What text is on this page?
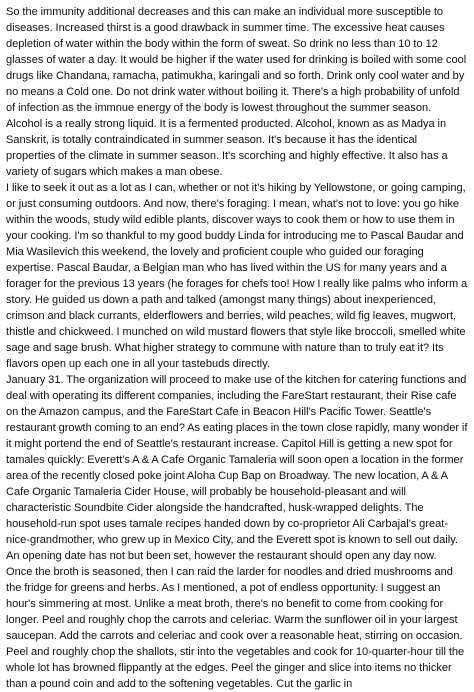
So the immunity additional decreases and this can make an individual more susceptible to diseases. Increased thirst is a good drawback in summer time. The excessive heat causes depletion of water within the body within the form of sweat. So drink no less than 10 to 12 glasses of water a day. It would be higher if the water used for drinking is boiled with some cool drugs like Chandana, ramacha, patimukha, karingali and so forth. Drink only cool water and by no means a Cold one. Do not drink water without boiling it. There's a high probability of unfold of infection as the immnue energy of the body is lowest throughout the summer season. Alcohol is a really strong liquid. It is a fermented producted. Alcohol, known as as Madya in Sanskrit, is totally contraindicated in summer season. It's because it has the identical properties of the climate in summer season. It's scorching and highly effective. It also has a variety of sugars which makes a man obese.

I like to seek it out as a lot as I can, whether or not it's hiking by Yellowstone, or going camping, or just consuming outdoors. And now, there's foraging. I mean, what's not to love: you go hike within the woods, study wild edible plants, discover ways to cook them or how to use them in your cooking. I'm so thankful to my good buddy Linda for introducing me to Pascal Baudar and Mia Wasilevich this weekend, the lovely and proficient couple who guided our foraging expertise. Pascal Baudar, a Belgian man who has lived within the US for many years and a forager for the previous 13 years (he forages for chefs too! How I really like palms who inform a story. He guided us down a path and talked (amongst many things) about inexperienced, crimson and black currants, elderflowers and berries, wild peaches, wild fig leaves, mugwort, thistle and chickweed. I munched on wild mustard flowers that style like broccoli, smelled white sage and sage brush. What higher strategy to commune with nature than to truly eat it? Its flavors open up each one in all your tastebuds directly.

January 31. The organization will proceed to make use of the kitchen for catering functions and deal with operating its different companies, including the FareStart restaurant, their Rise cafe on the Amazon campus, and the FareStart Cafe in Beacon Hill's Pacific Tower. Seattle's restaurant growth coming to an end? As eating places in the town close rapidly, many wonder if it might portend the end of Seattle's restaurant increase. Capitol Hill is getting a new spot for tamales quickly: Everett's A & A Cafe Organic Tamaleria will soon open a location in the former area of the recently closed poke joint Aloha Cup Bap on Broadway. The new location, A & A Cafe Organic Tamaleria Cider House, will probably be household-pleasant and will characteristic Soundbite Cider alongside the handcrafted, husk-wrapped delights. The household-run spot uses tamale recipes handed down by co-proprietor Ali Carbajal's great-nice-grandmother, who grew up in Mexico City, and the Everett spot is known to sell out daily. An opening date has not but been set, however the restaurant should open any day now.

Once the broth is seasoned, then I can raid the larder for noodles and dried mushrooms and the fridge for greens and herbs. As I mentioned, a pot of endless opportunity. I suggest an hour's simmering at most. Unlike a meat broth, there's no benefit to come from cooking for longer. Peel and roughly chop the carrots and celeriac. Warm the sunflower oil in your largest saucepan. Add the carrots and celeriac and cook over a reasonable heat, stirring on occasion. Peel and roughly chop the shallots, stir into the vegetables and cook for 10-quarter-hour till the whole lot has browned flippantly at the edges. Peel the ginger and slice into items no thicker than a pound coin and add to the softening vegetables. Cut the garlic in
